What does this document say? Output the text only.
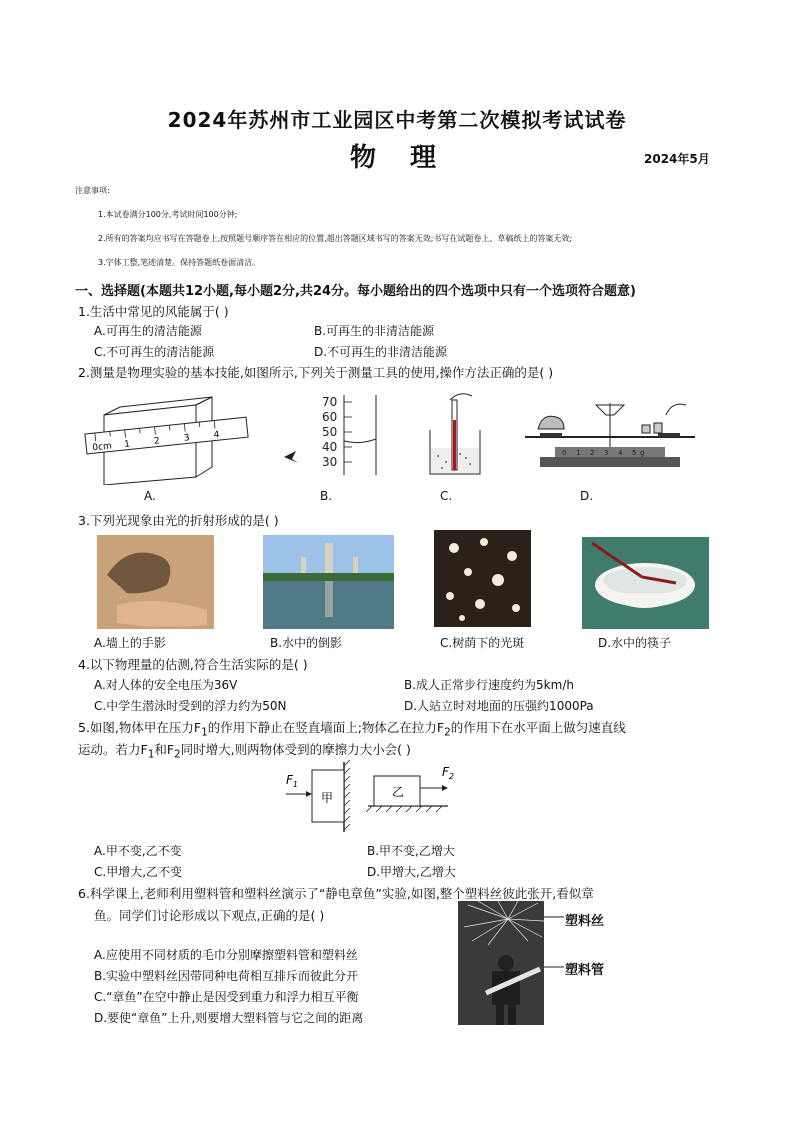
2024年苏州市工业园区中考第二次模拟考试试卷
物理	2024年5月
注意事项:
1.本试卷满分100分,考试时间100分钟;
2.所有的答案均应书写在答题卷上,按照题号顺序答在相应的位置,超出答题区域书写的答案无效;书写在试题卷上、草稿纸上的答案无效;
3.字体工整,笔迹清楚。保持答题纸卷面清洁。
一、选择题(本题共12小题,每小题2分,共24分。每小题给出的四个选项中只有一个选项符合题意)
1.生活中常见的风能属于( )
A.可再生的清洁能源	B.可再生的非清洁能源
C.不可再生的清洁能源	D.不可再生的非清洁能源
2.测量是物理实验的基本技能,如图所示,下列关于测量工具的使用,操作方法正确的是( )
0cm 1	2	3	4
70
60
50
40
30
0 1 2 3 4 5 g
A.	B.	C.	D.
3.下列光现象由光的折射形成的是( )
A.墙上的手影	B.水中的倒影	C.树荫下的光斑	D.水中的筷子
4.以下物理量的估测,符合生活实际的是( )
A.对人体的安全电压为36V	B.成人正常步行速度约为5km/h
C.中学生潜泳时受到的浮力约为50N	D.人站立时对地面的压强约1000Pa
5.如图,物体甲在压力$F_1$的作用下静止在竖直墙面上;物体乙在拉力$F_2$的作用下在水平面上做匀速直线
运动。若力$F_1$和$F_2$同时增大,则两物体受到的摩擦力大小会( )
甲
$F_1$
乙
$F_2$
A.甲不变,乙不变	B.甲不变,乙增大
C.甲增大,乙不变	D.甲增大,乙增大
6.科学课上,老师利用塑料管和塑料丝演示了“静电章鱼”实验,如图,整个塑料丝彼此张开,看似章
鱼。同学们讨论形成以下观点,正确的是( )	塑料丝
塑料管
A.应使用不同材质的毛巾分别摩擦塑料管和塑料丝
B.实验中塑料丝因带同种电荷相互排斥而彼此分开
C.“章鱼”在空中静止是因受到重力和浮力相互平衡
D.要使“章鱼”上升,则要增大塑料管与它之间的距离
